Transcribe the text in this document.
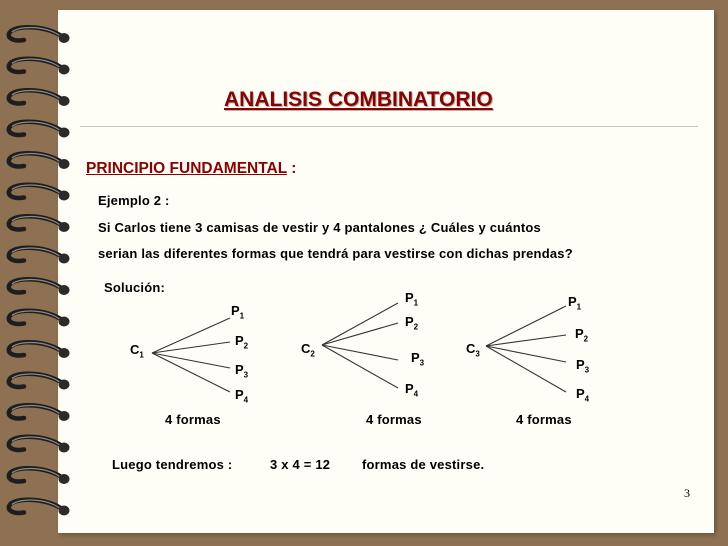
ANALISIS COMBINATORIO
PRINCIPIO FUNDAMENTAL :
Ejemplo 2 :
Si Carlos tiene 3 camisas de vestir y 4 pantalones ¿ Cuáles y cuántos
serian las diferentes formas que tendrá para vestirse con dichas prendas?
Solución:
$C_1$
$P_1$
$P_2$
$P_3$
$P_4$
4 formas
$C_2$
$P_1$
$P_2$
$P_3$
$P_4$
4 formas
$C_3$
$P_1$
$P_2$
$P_3$
$P_4$
4 formas
Luego tendremos :	3 x 4 = 12 formas de vestirse.
3
